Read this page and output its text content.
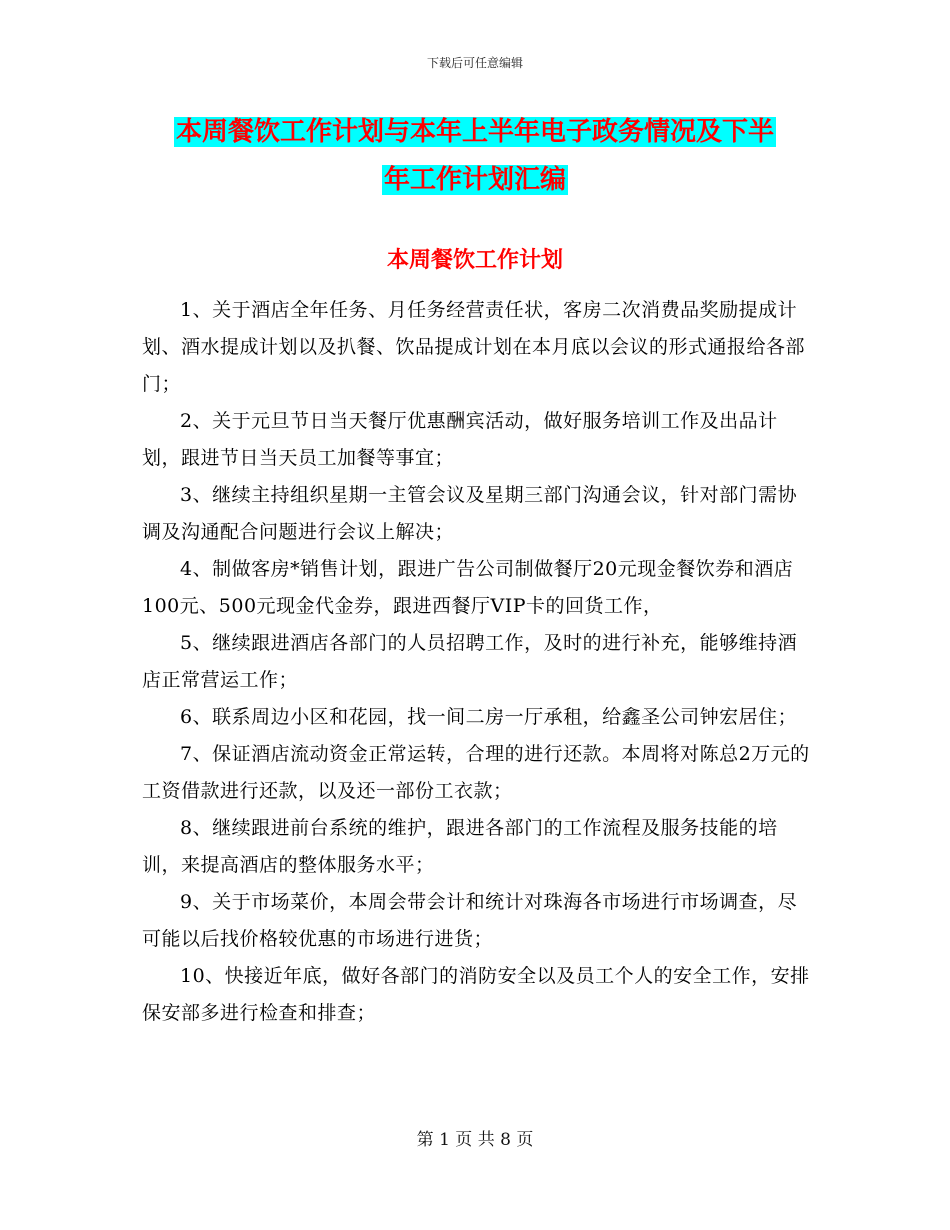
下载后可任意编辑
本周餐饮工作计划与本年上半年电子政务情况及下半
年工作计划汇编
本周餐饮工作计划

1、关于酒店全年任务、月任务经营责任状，客房二次消费品奖励提成计划、酒水提成计划以及扒餐、饮品提成计划在本月底以会议的形式通报给各部门；

2、关于元旦节日当天餐厅优惠酬宾活动，做好服务培训工作及出品计划，跟进节日当天员工加餐等事宜；

3、继续主持组织星期一主管会议及星期三部门沟通会议，针对部门需协调及沟通配合问题进行会议上解决；

4、制做客房*销售计划，跟进广告公司制做餐厅20元现金餐饮券和酒店100元、500元现金代金券，跟进西餐厅VIP卡的回货工作，

5、继续跟进酒店各部门的人员招聘工作，及时的进行补充，能够维持酒店正常营运工作；

6、联系周边小区和花园，找一间二房一厅承租，给鑫圣公司钟宏居住；

7、保证酒店流动资金正常运转，合理的进行还款。本周将对陈总2万元的工资借款进行还款，以及还一部份工衣款；

8、继续跟进前台系统的维护，跟进各部门的工作流程及服务技能的培训，来提高酒店的整体服务水平；

9、关于市场菜价，本周会带会计和统计对珠海各市场进行市场调查，尽可能以后找价格较优惠的市场进行进货；

10、快接近年底，做好各部门的消防安全以及员工个人的安全工作，安排保安部多进行检查和排查；

第 1 页 共 8 页
